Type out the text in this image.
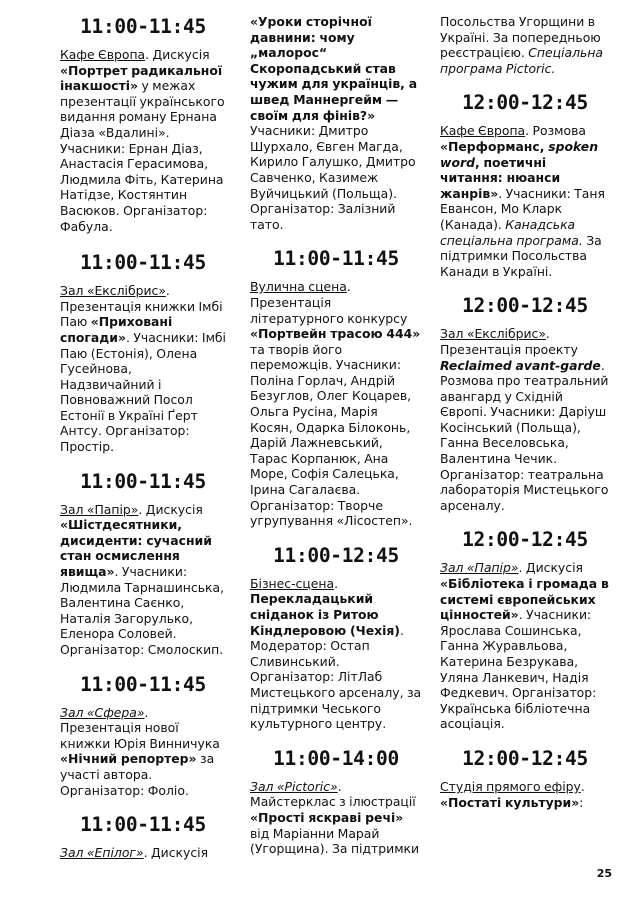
11:00-11:45
Кафе Європа. Дискусія «Портрет радикальної інакшості» у межах презентації українського видання роману Ернана Діаза «Вдалині». Учасники: Ернан Діаз, Анастасія Герасимова, Людмила Фіть, Катерина Натідзе, Костянтин Васюков. Організатор: Фабула.
11:00-11:45
Зал «Екслібрис». Презентація книжки Імбі Паю «Приховані спогади». Учасники: Імбі Паю (Естонія), Олена Гусейнова, Надзвичайний і Повноважний Посол Естонії в Україні Ґерт Антсу. Організатор: Простір.
11:00-11:45
Зал «Папір». Дискусія «Шістдесятники, дисиденти: сучасний стан осмислення явища». Учасники: Людмила Тарнашинська, Валентина Саєнко, Наталія Загорулько, Еленора Соловей. Організатор: Смолоскип.
11:00-11:45
Зал «Сфера». Презентація нової книжки Юрія Винничука «Нічний репортер» за участі автора. Організатор: Фоліо.
11:00-11:45
Зал «Епілог». Дискусія
«Уроки сторічної давнини: чому „малорос“ Скоропадський став чужим для українців, а швед Маннергейм — своїм для фінів?» Учасники: Дмитро Шурхало, Євген Магда, Кирило Галушко, Дмитро Савченко, Казимеж Вуйчицький (Польща). Організатор: Залізний тато.
11:00-11:45
Вулична сцена. Презентація літературного конкурсу «Портвейн трасою 444» та творів його переможців. Учасники: Поліна Горлач, Андрій Безуглов, Олег Коцарев, Ольга Русіна, Марія Косян, Одарка Білоконь, Дарій Лажневський, Тарас Корпанюк, Ана Море, Софія Салецька, Ірина Сагалаєва. Організатор: Творче угрупування «Лісостеп».
11:00-12:45
Бізнес-сцена. Перекладацький сніданок із Ритою Кіндлеровою (Чехія). Модератор: Остап Сливинський. Організатор: ЛітЛаб Мистецького арсеналу, за підтримки Чеського культурного центру.
11:00-14:00
Зал «Pictoric». Майстерклас з ілюстрації «Прості яскраві речі» від Маріанни Марай (Угорщина). За підтримки
Посольства Угорщини в Україні. За попередньою реєстрацією. Спеціальна програма Pictoric.
12:00-12:45
Кафе Європа. Розмова «Перформанс, spoken word, поетичні читання: нюанси жанрів». Учасники: Таня Евансон, Мо Кларк (Канада). Канадська спеціальна програма. За підтримки Посольства Канади в Україні.
12:00-12:45
Зал «Екслібрис». Презентація проекту Reclaimed avant-garde. Розмова про театральний авангард у Східній Європі. Учасники: Даріуш Косінський (Польща), Ганна Веселовська, Валентина Чечик. Організатор: театральна лабораторія Мистецького арсеналу.
12:00-12:45
Зал «Папір». Дискусія «Бібліотека і громада в системі європейських цінностей». Учасники: Ярослава Сошинська, Ганна Журавльова, Катерина Безрукава, Уляна Ланкевич, Надія Федкевич. Організатор: Українська бібліотечна асоціація.
12:00-12:45
Студія прямого ефіру. «Постаті культури»:
25
